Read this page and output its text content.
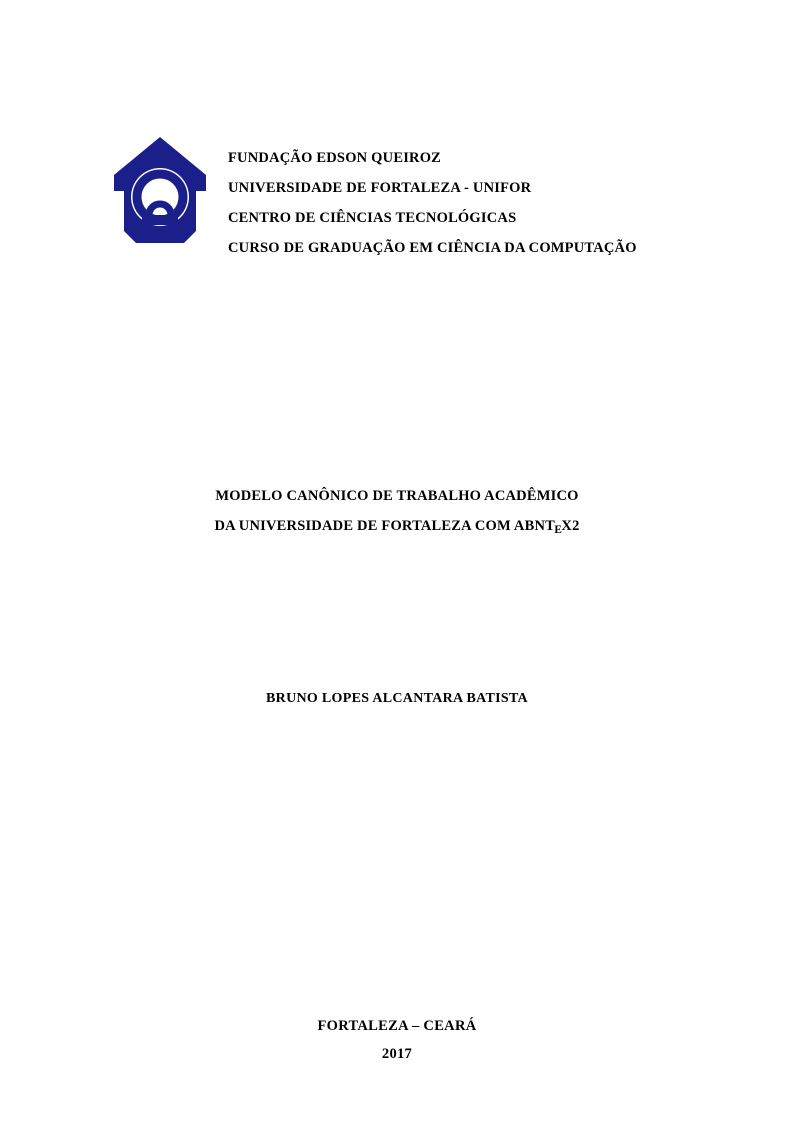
FUNDAÇÃO EDSON QUEIROZ
UNIVERSIDADE DE FORTALEZA - UNIFOR
CENTRO DE CIÊNCIAS TECNOLÓGICAS
CURSO DE GRADUAÇÃO EM CIÊNCIA DA COMPUTAÇÃO
MODELO CANÔNICO DE TRABALHO ACADÊMICO
DA UNIVERSIDADE DE FORTALEZA COM $ABNT_EX2$
BRUNO LOPES ALCANTARA BATISTA
FORTALEZA – CEARÁ
2017
